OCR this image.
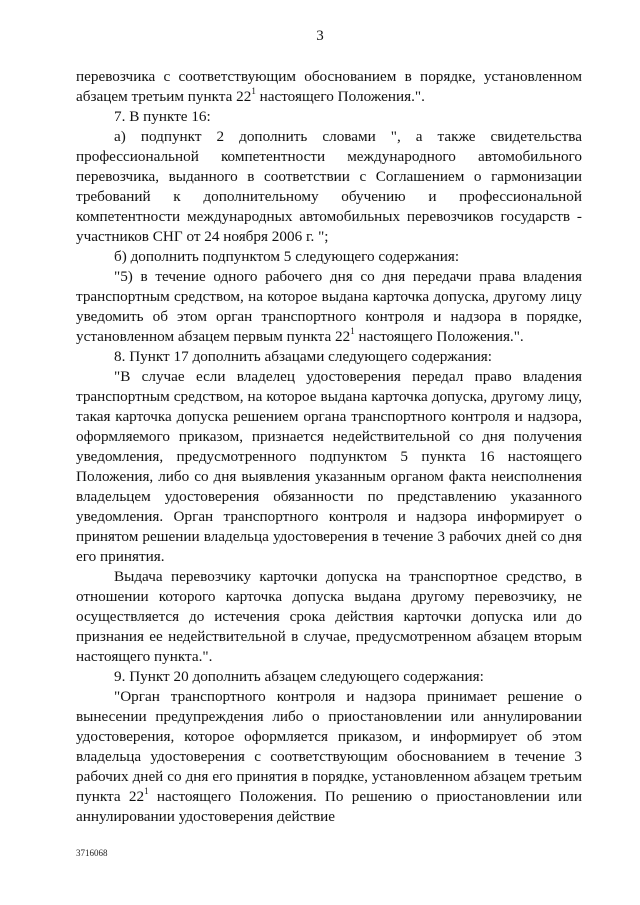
3

перевозчика с соответствующим обоснованием в порядке, установленном абзацем третьим пункта $22^1$ настоящего Положения.".

7. В пункте 16:

а) подпункт 2 дополнить словами ", а также свидетельства профессиональной компетентности международного автомобильного перевозчика, выданного в соответствии с Соглашением о гармонизации требований к дополнительному обучению и профессиональной компетентности международных автомобильных перевозчиков государств - участников СНГ от 24 ноября 2006 г. ";

б) дополнить подпунктом 5 следующего содержания:

"5) в течение одного рабочего дня со дня передачи права владения транспортным средством, на которое выдана карточка допуска, другому лицу уведомить об этом орган транспортного контроля и надзора в порядке, установленном абзацем первым пункта $22^1$ настоящего Положения.".

8. Пункт 17 дополнить абзацами следующего содержания:

"В случае если владелец удостоверения передал право владения транспортным средством, на которое выдана карточка допуска, другому лицу, такая карточка допуска решением органа транспортного контроля и надзора, оформляемого приказом, признается недействительной со дня получения уведомления, предусмотренного подпунктом 5 пункта 16 настоящего Положения, либо со дня выявления указанным органом факта неисполнения владельцем удостоверения обязанности по представлению указанного уведомления. Орган транспортного контроля и надзора информирует о принятом решении владельца удостоверения в течение 3 рабочих дней со дня его принятия.

Выдача перевозчику карточки допуска на транспортное средство, в отношении которого карточка допуска выдана другому перевозчику, не осуществляется до истечения срока действия карточки допуска или до признания ее недействительной в случае, предусмотренном абзацем вторым настоящего пункта.".

9. Пункт 20 дополнить абзацем следующего содержания:

"Орган транспортного контроля и надзора принимает решение о вынесении предупреждения либо о приостановлении или аннулировании удостоверения, которое оформляется приказом, и информирует об этом владельца удостоверения с соответствующим обоснованием в течение 3 рабочих дней со дня его принятия в порядке, установленном абзацем третьим пункта $22^1$ настоящего Положения. По решению о приостановлении или аннулировании удостоверения действие

3716068
